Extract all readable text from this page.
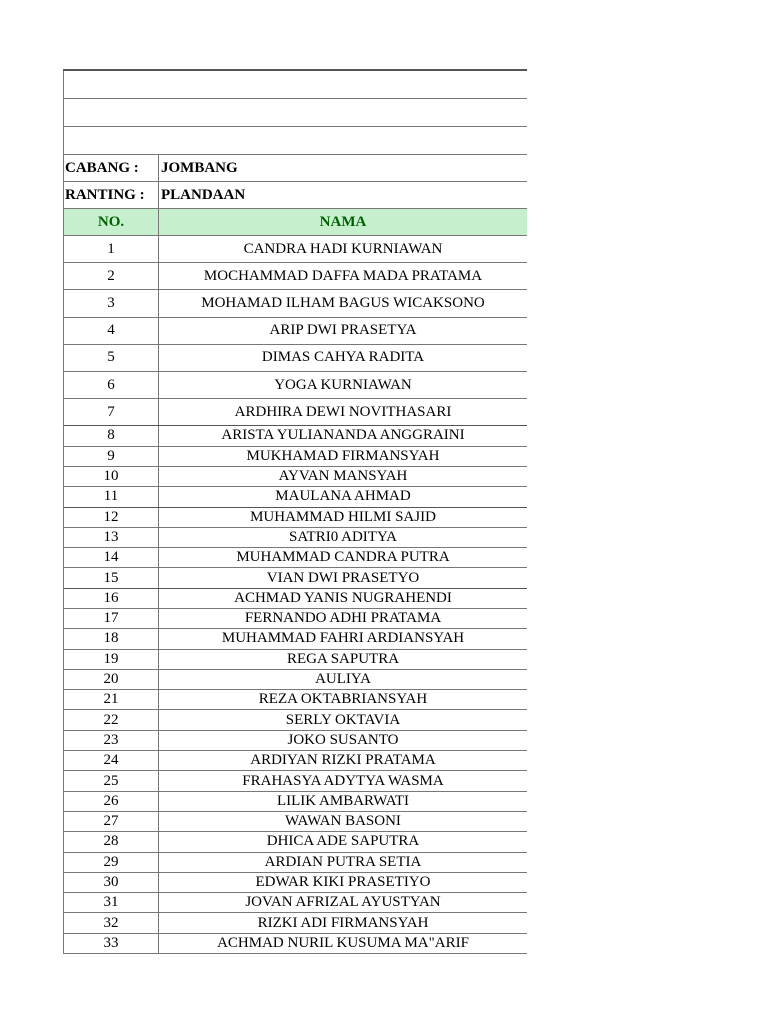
CABANG :	JOMBANG
RANTING :	PLANDAAN
NO.	NAMA
1	CANDRA HADI KURNIAWAN
2	MOCHAMMAD DAFFA MADA PRATAMA
3	MOHAMAD ILHAM BAGUS WICAKSONO
4	ARIP DWI PRASETYA
5	DIMAS CAHYA RADITA
6	YOGA KURNIAWAN
7	ARDHIRA DEWI NOVITHASARI
8	ARISTA YULIANANDA ANGGRAINI
9	MUKHAMAD FIRMANSYAH
10	AYVAN MANSYAH
11	MAULANA AHMAD
12	MUHAMMAD HILMI SAJID
13	SATRI0 ADITYA
14	MUHAMMAD CANDRA PUTRA
15	VIAN DWI PRASETYO
16	ACHMAD YANIS NUGRAHENDI
17	FERNANDO ADHI PRATAMA
18	MUHAMMAD FAHRI ARDIANSYAH
19	REGA SAPUTRA
20	AULIYA
21	REZA OKTABRIANSYAH
22	SERLY OKTAVIA
23	JOKO SUSANTO
24	ARDIYAN RIZKI PRATAMA
25	FRAHASYA ADYTYA WASMA
26	LILIK AMBARWATI
27	WAWAN BASONI
28	DHICA ADE SAPUTRA
29	ARDIAN PUTRA SETIA
30	EDWAR KIKI PRASETIYO
31	JOVAN AFRIZAL AYUSTYAN
32	RIZKI ADI FIRMANSYAH
33	ACHMAD NURIL KUSUMA MA"ARIF
